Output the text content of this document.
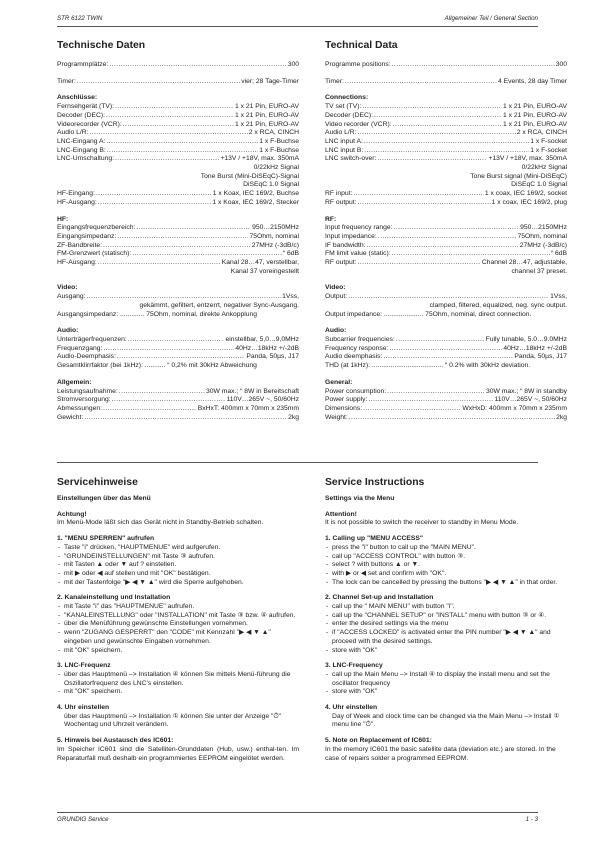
STR 6122 TWIN	Allgemeiner Teil / General Section
Technische Daten
Programmplätze: .....	300
Timer: .....	vier; 28 Tage-Timer
Anschlüsse:
Fernsehgerät (TV): .....	1 x 21 Pin, EURO-AV
Decoder (DEC): .....	1 x 21 Pin, EURO-AV
Videorecorder (VCR): .....	1 x 21 Pin, EURO-AV
Audio L/R: .....	2 x RCA, CINCH
LNC-Eingang A: .....	1 x F-Buchse
LNC-Eingang B: .....	1 x F-Buchse
LNC-Umschaltung: .....	+13V / +18V, max. 350mA
0/22kHz Signal
Tone Burst (Mini-DiSEqC)-Signal
DiSEqC 1.0 Signal
HF-Eingang: .....	1 x Koax, IEC 169/2, Buchse
HF-Ausgang: .....	1 x Koax, IEC 169/2, Stecker
HF:
Eingangsfrequenzbereich: .....	950…2150MHz
Eingangsimpedanz: .....	75Ohm, nominal
ZF-Bandbreite: .....	27MHz (-3dB/c)
FM-Grenzwert (statisch): .....	“ 6dB
HF-Ausgang: .....	Kanal 28…47, verstellbar,
Kanal 37 voreingestellt
Video:
Ausgang: .....	1Vss,
gekämmt, gefiltert, entzerrt, negativer Sync-Ausgang.
Ausgangsimpedanz: ............. 75Ohm, nominal, direkte Ankopplung
Audio:
Unterträgerfrequenzen: .....	einstellbar, 5,0…9,0MHz
Frequenzgang: .....	40Hz…18kHz +/-2dB
Audio-Deemphasis: .....	Panda, 50µs, J17
Gesamtklirrfaktor (bei 1kHz): ........... “ 0,2% mit 30kHz Abweichung
Allgemein:
Leistungsaufnahme: .....	30W max.; “ 8W in Bereitschaft
Stromversorgung: .....	110V…265V ~, 50/60Hz
Abmessungen: .....	BxHxT: 400mm x 70mm x 235mm
Gewicht: .....	2kg
Technical Data
Programme positions: .....	300
Timer: .....	4 Events, 28 day Timer
Connections:
TV set (TV): .....	1 x 21 Pin, EURO-AV
Decoder (DEC): .....	1 x 21 Pin, EURO-AV
Video recorder (VCR): .....	1 x 21 Pin, EURO-AV
Audio L/R: .....	2 x RCA, CINCH
LNC input A: .....	1 x F-socket
LNC input B: .....	1 x F-socket
LNC switch-over: .....	+13V / +18V, max. 350mA
0/22kHz Signal
Tone Burst signal (Mini-DiSEqC)
DiSEqC 1.0 Signal
RF input: .....	1 x coax, IEC 169/2, socket
RF output: .....	1 x coax, IEC 169/2, plug
RF:
Input frequency range: .....	950…2150MHz
Input impedance: .....	75Ohm, nominal
IF bandwidth: .....	27MHz (-3dB/c)
FM limit value (static): .....	“ 6dB
RF output: .....	Channel 28…47, adjustable,
channel 37 preset.
Video:
Output: .....	1Vss,
clamped, filtered, equalized, neg. sync output.
Output impedance: ..................... 75Ohm, nominal, direct connection.
Audio:
Subcarrier frequencies: .....	Fully tunable, 5.0…9.0MHz
Frequency response: .....	40Hz…18kHz +/-2dB
Audio deemphasis: .....	Panda, 50µs, J17
THD (at 1kHz): ...................................... “ 0.2% with 30kHz deviation.
General:
Power consumption: .....	30W max.; “ 8W in standby
Power supply: .....	110V…265V ~, 50/60Hz
Dimensions: .....	WxHxD: 400mm x 70mm x 235mm
Weight: .....	2kg
Servicehinweise
Einstellungen über das Menü
Achtung!

Im Menü-Mode läßt sich das Gerät nicht in Standby-Betrieb schalten.

1. "MENU SPERREN" aufrufen
- Taste "i" drücken, "HAUPTMENUE" wird aufgerufen.
- "GRUNDEINSTELLUNGEN" mit Taste ③ aufrufen.
- mit Tasten ▲ oder ▼ auf ? einstellen.
- mit ▶ oder ◀ auf stellen und mit "OK" bestätigen.
- mit der Tastenfolge "▶ ◀ ▼ ▲" wird die Sperre aufgehoben.
2. Kanaleinstellung und Installation
- mit Taste "i" das "HAUPTMENUE" aufrufen.
- "KANALEINSTELLUNG" oder "INSTALLATION" mit Taste ③ bzw. ④ aufrufen.
- über die Menüführung gewünschte Einstellungen vornehmen.
- wenn "ZUGANG GESPERRT" den "CODE" mit Kennzahl "▶ ◀ ▼ ▲" eingeben und gewünschte Eingaben vornehmen.
- mit "OK" speichern.
3. LNC-Frequenz
- über das Hauptmenü –> Installation ④ können Sie mittels Menü-führung die Oszillatorfrequenz des LNC's einstellen.
- mit "OK" speichern.
4. Uhr einstellen
über das Hauptmenü –> Installation ① können Sie unter der Anzeige "⏱" Wochentag und Uhrzeit verändern.
5. Hinweis bei Austausch des IC601:

Im Speicher IC601 sind die Satelliten-Grunddaten (Hub, usw.) enthal-ten. Im Reparaturfall muß deshalb ein programmiertes EEPROM eingelötet werden.

Service Instructions
Settings via the Menu
Attention!

It is not possible to switch the receiver to standby in Menu Mode.

1. Calling up "MENU ACCESS"
- press the "i" button to call up the "MAIN MENU".
- call up "ACCESS CONTROL" with button ③.
- select ? with buttons ▲ or ▼.
- with ▶ or ◀ set and confirm with "OK".
- The lock can be cancelled by pressing the buttons "▶ ◀ ▼ ▲" in that order.
2. Channel Set-up and Installation
- call up the " MAIN MENU" with button "i".
- call up the "CHANNEL SETUP" or "INSTALL" menu with button ③ or ④.
- enter the desired settings via the menu
- if "ACCESS LOCKED" is activated enter the PIN number "▶ ◀ ▼ ▲" and proceed with the desired settings.
- store with "OK"
3. LNC-Frequency
- call up the Main Menu –> Install ④ to display the install menu and set the oscillator frequency
- store with "OK"
4. Uhr einstellen
Day of Week and clock time can be changed via the Main Menu –> Install ① menu line "⏱".
5. Note on Replacement of IC601:

In the memory IC601 the basic satellite data (deviation etc.) are stored. In the case of repairs solder a programmed EEPROM.

GRUNDIG Service	1 - 3
